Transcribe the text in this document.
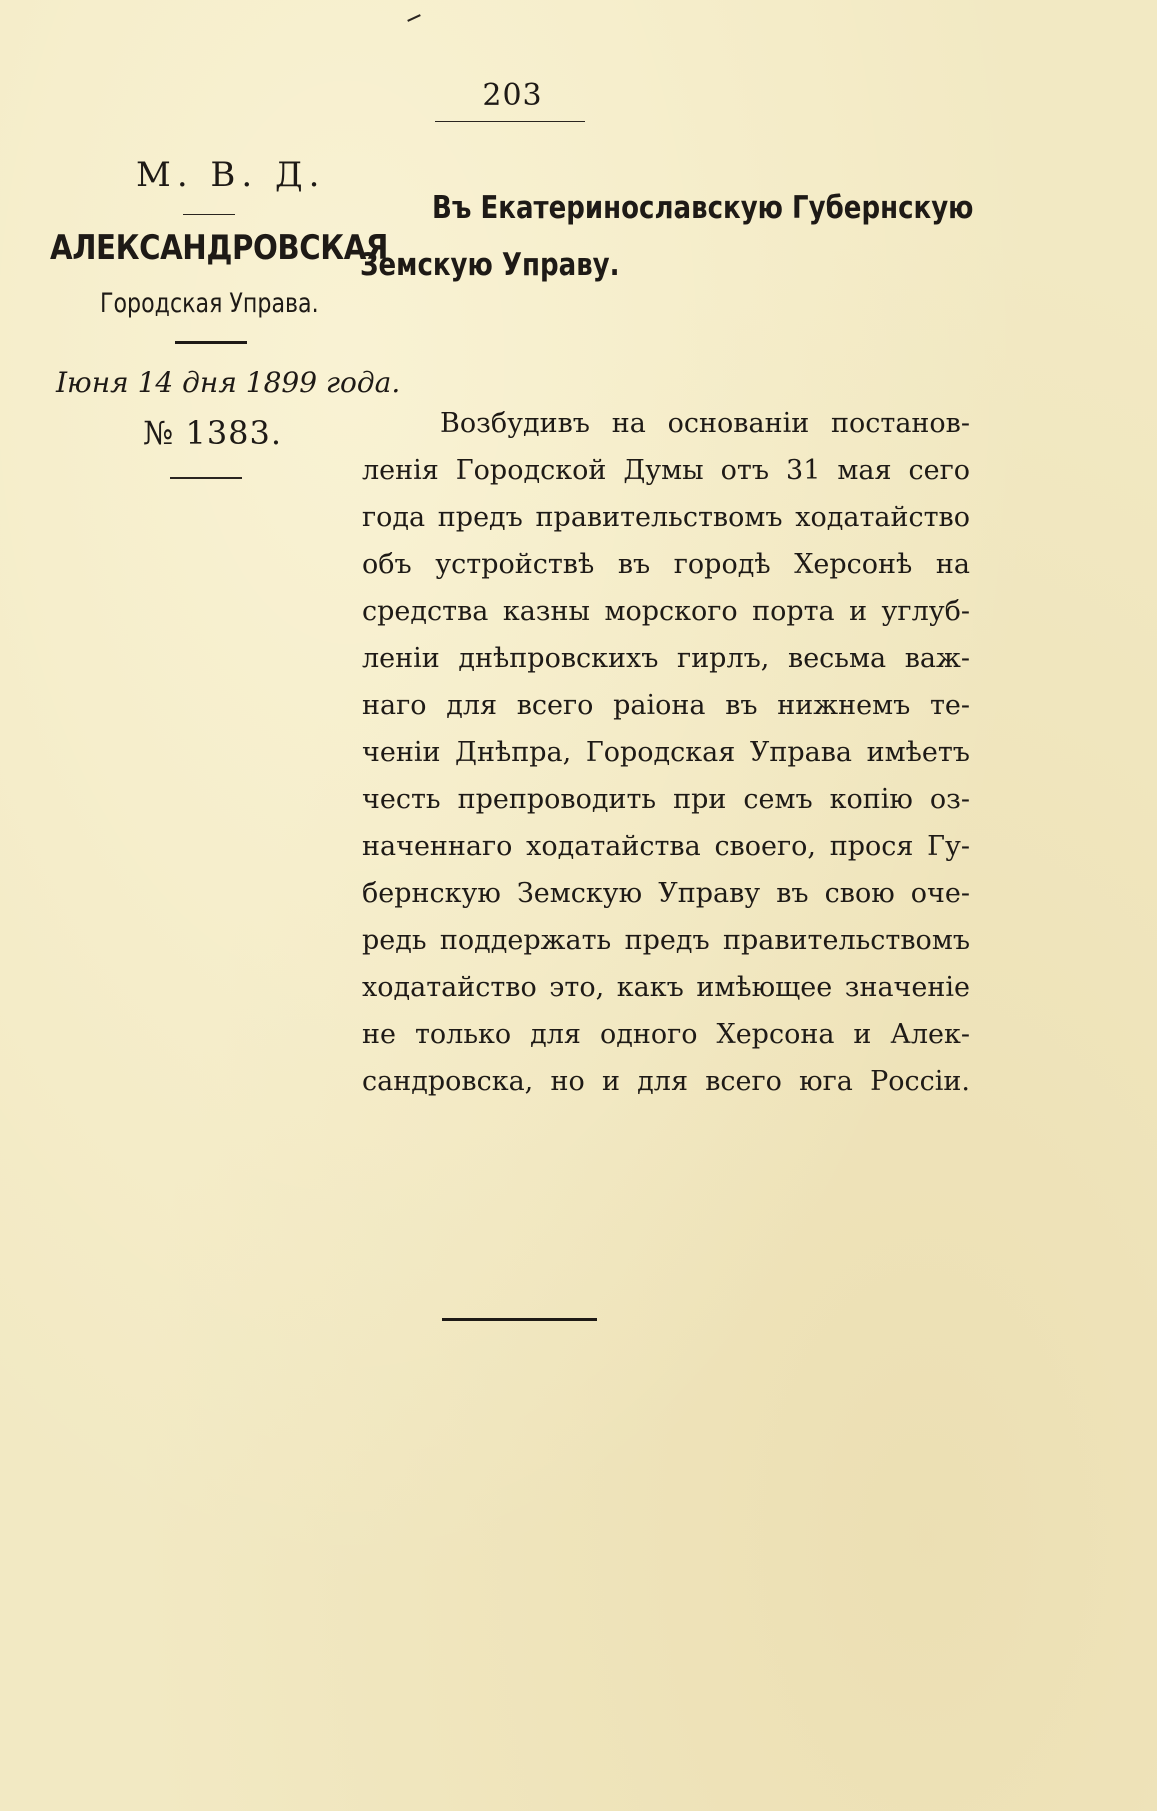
203
М. В. Д.
АЛЕКСАНДРОВСКАЯ
Городская Управа.
Іюня 14 дня 1899 года.
№ 1383.
Въ Екатеринославскую Губернскую
Земскую Управу.
Возбудивъ на основаніи постанов-
ленія Городской Думы отъ 31 мая сего
года предъ правительствомъ ходатайство
объ устройствѣ въ городѣ Херсонѣ на
средства казны морского порта и углуб-
леніи днѣпровскихъ гирлъ, весьма важ-
наго для всего раіона въ нижнемъ те-
ченіи Днѣпра, Городская Управа имѣетъ
честь препроводить при семъ копію оз-
наченнаго ходатайства своего, прося Гу-
бернскую Земскую Управу въ свою оче-
редь поддержать предъ правительствомъ
ходатайство это, какъ имѣющее значеніе
не только для одного Херсона и Алек-
сандровска, но и для всего юга Россіи.
